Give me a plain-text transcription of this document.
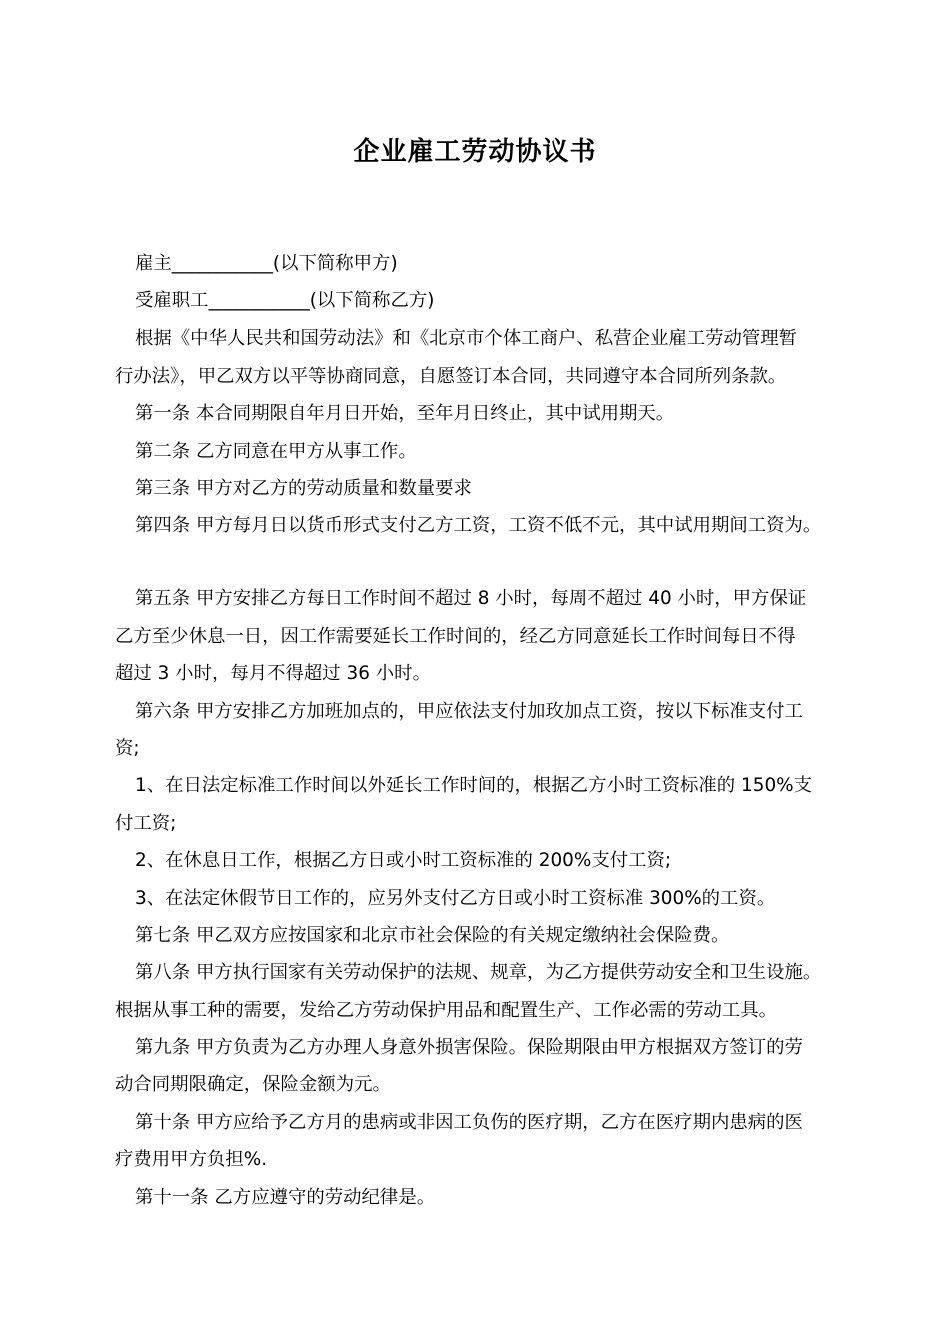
企业雇工劳动协议书
雇主___________(以下简称甲方)
受雇职工___________(以下简称乙方)
根据《中华人民共和国劳动法》和《北京市个体工商户、私营企业雇工劳动管理暂
行办法》，甲乙双方以平等协商同意，自愿签订本合同，共同遵守本合同所列条款。
第一条 本合同期限自年月日开始，至年月日终止，其中试用期天。
第二条 乙方同意在甲方从事工作。
第三条 甲方对乙方的劳动质量和数量要求
第四条 甲方每月日以货币形式支付乙方工资，工资不低不元，其中试用期间工资为。
第五条 甲方安排乙方每日工作时间不超过 8 小时，每周不超过 40 小时，甲方保证
乙方至少休息一日，因工作需要延长工作时间的，经乙方同意延长工作时间每日不得
超过 3 小时，每月不得超过 36 小时。
第六条 甲方安排乙方加班加点的，甲应依法支付加玫加点工资，按以下标准支付工
资;
1、在日法定标准工作时间以外延长工作时间的，根据乙方小时工资标准的 150%支
付工资;
2、在休息日工作，根据乙方日或小时工资标准的 200%支付工资;
3、在法定休假节日工作的，应另外支付乙方日或小时工资标准 300%的工资。
第七条 甲乙双方应按国家和北京市社会保险的有关规定缴纳社会保险费。
第八条 甲方执行国家有关劳动保护的法规、规章，为乙方提供劳动安全和卫生设施。
根据从事工种的需要，发给乙方劳动保护用品和配置生产、工作必需的劳动工具。
第九条 甲方负责为乙方办理人身意外损害保险。保险期限由甲方根据双方签订的劳
动合同期限确定，保险金额为元。
第十条 甲方应给予乙方月的患病或非因工负伤的医疗期，乙方在医疗期内患病的医
疗费用甲方负担%.
第十一条 乙方应遵守的劳动纪律是。
